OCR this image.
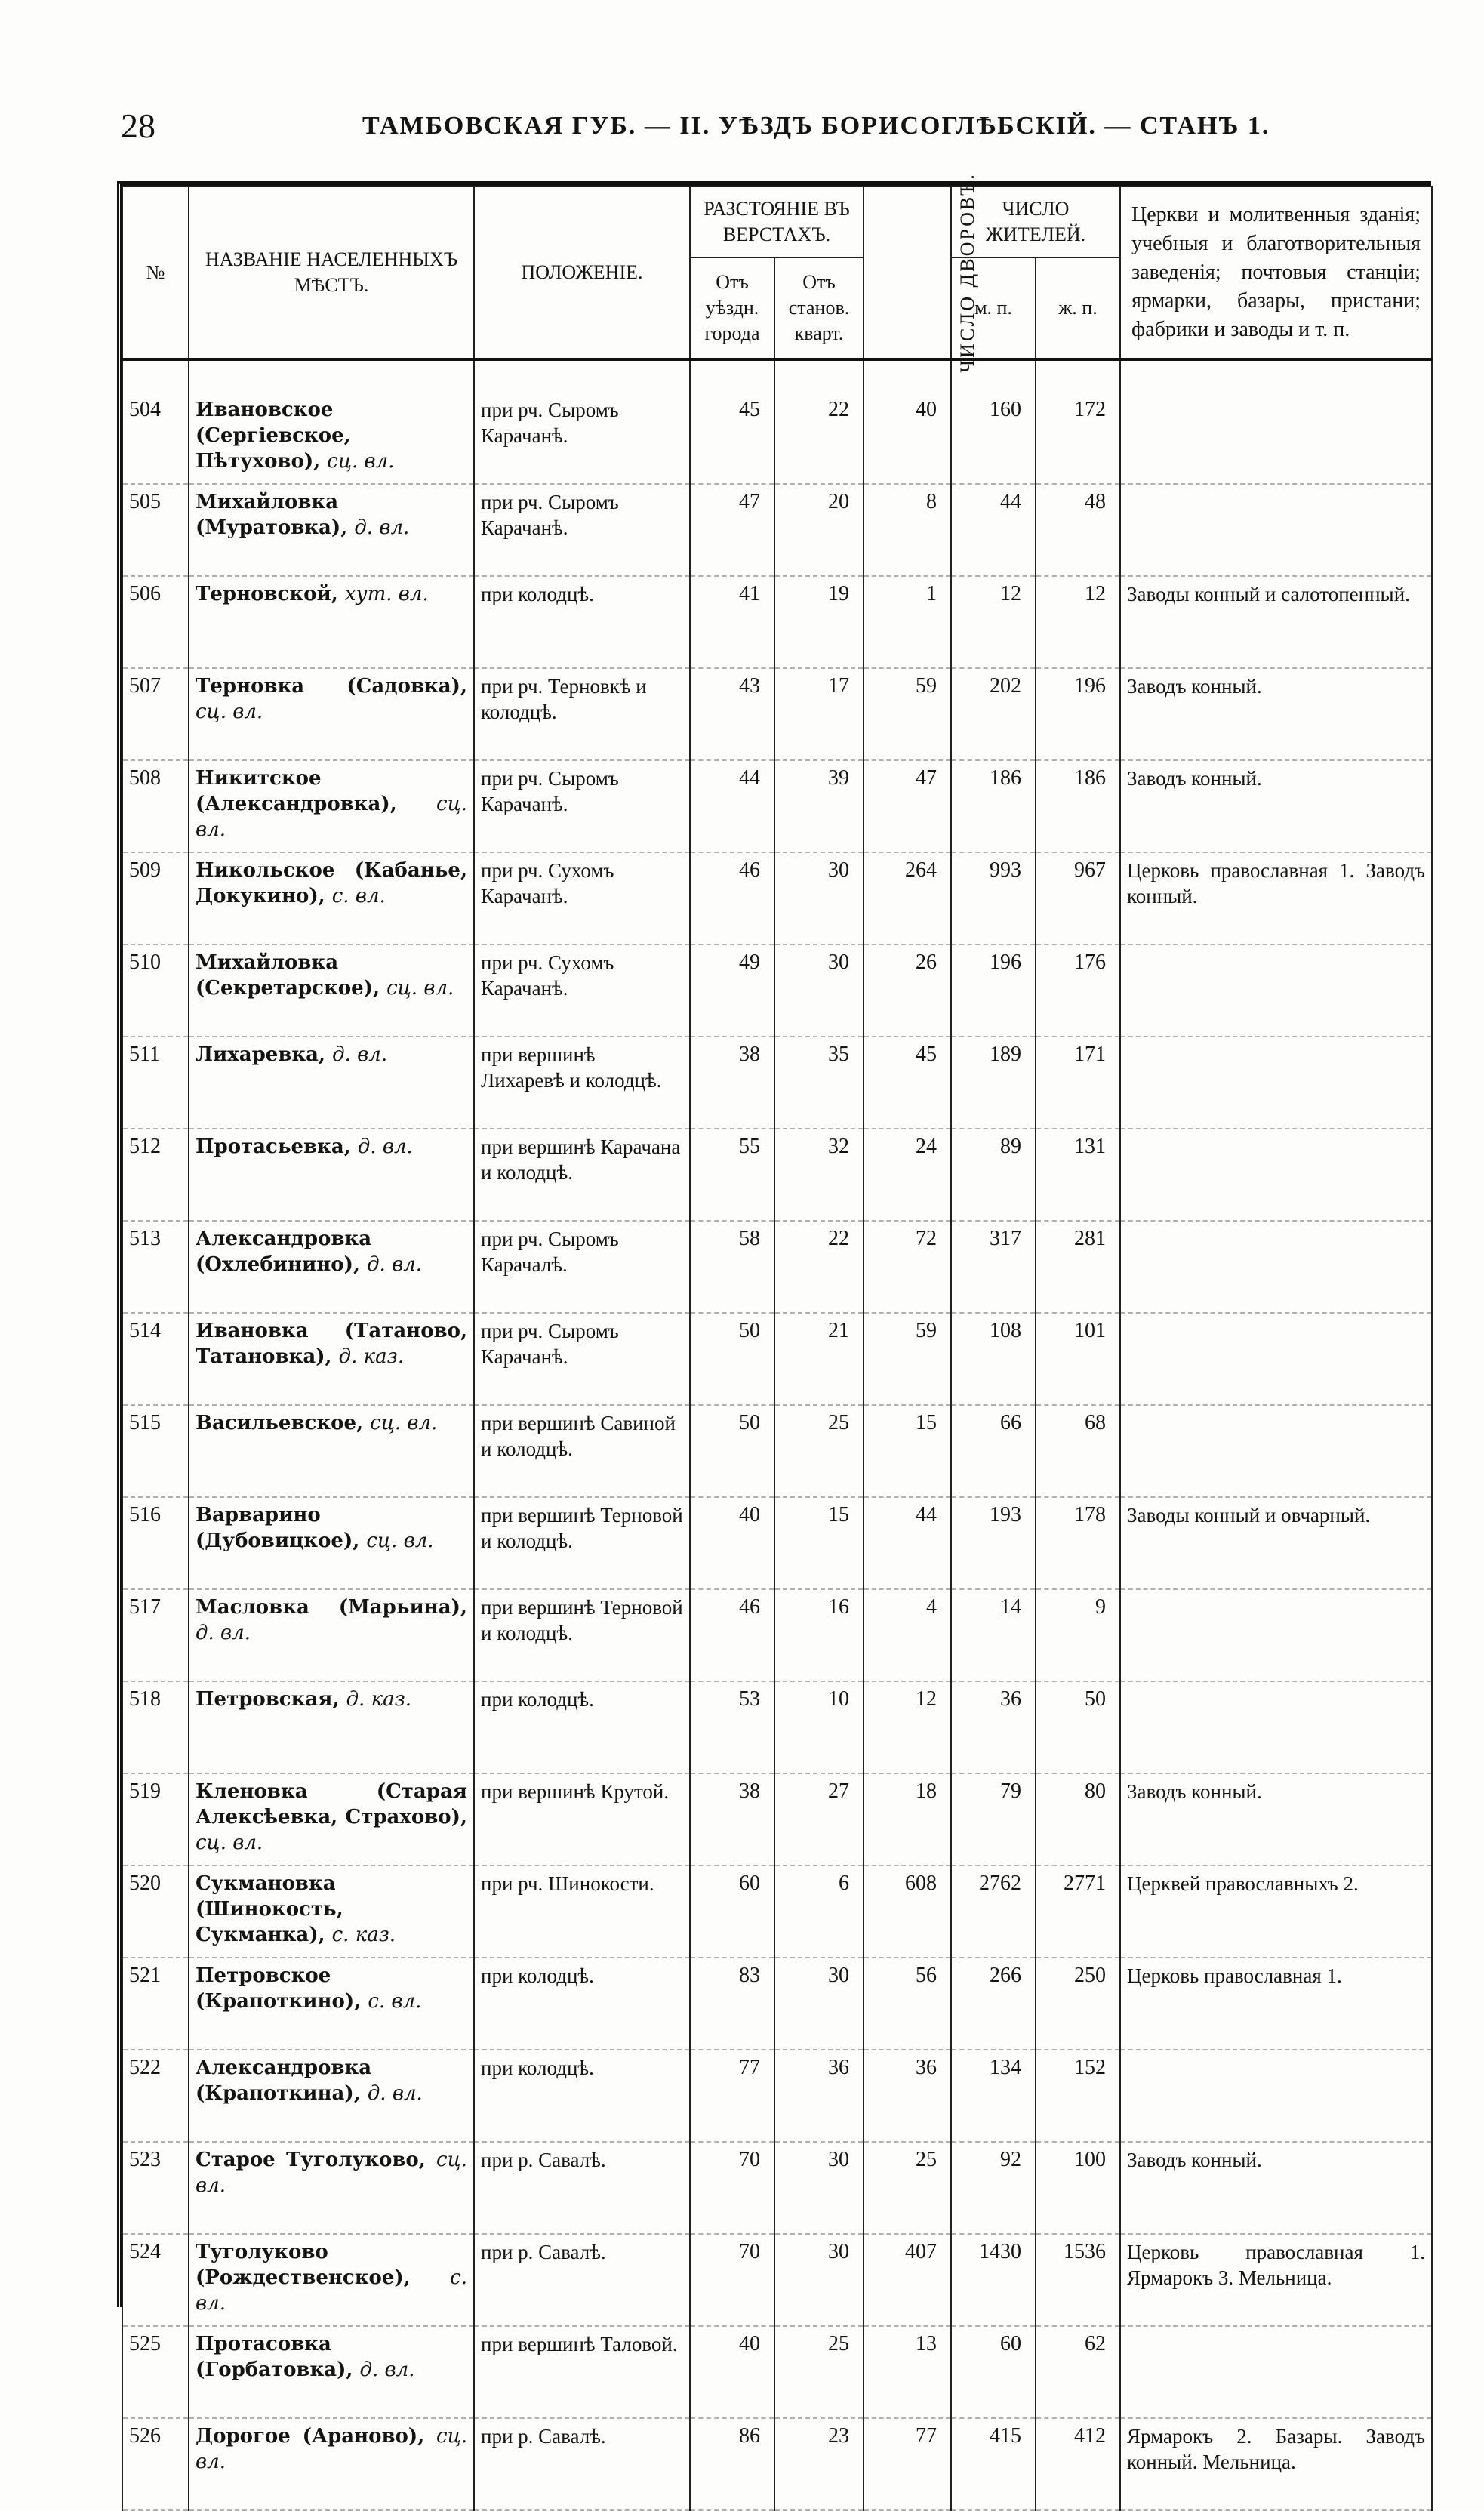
28	ТАМБОВСКАЯ ГУБ. — II. УѢЗДЪ БОРИСОГЛѢБСКІЙ. — СТАНЪ 1.
№	НАЗВАНІЕ НАСЕЛЕННЫХЪ МѢСТЪ.	ПОЛОЖЕНІЕ.	РАЗСТОЯНІЕ ВЪ ВЕРСТАХЪ.		ЧИСЛО ДВОРОВЪ.	ЧИСЛО ЖИТЕЛЕЙ.		Церкви и молитвенныя зданія; учебныя и благотворительныя заведенія; почтовыя станціи; ярмарки, базары, пристани; фабрики и заводы и т. п.
			Отъ уѣздн. города	Отъ станов. кварт.		м. п.	ж. п.	

504	Ивановское (Сергіевское, Пѣтухово), сц. вл.	при рч. Сыромъ Карачанѣ.	45	22	40	160	172	
505	Михайловка (Муратовка), д. вл.	при рч. Сыромъ Карачанѣ.	47	20	8	44	48	
506	Терновской, хут. вл.	при колодцѣ.	41	19	1	12	12	Заводы конный и салотопенный.
507	Терновка (Садовка), сц. вл.	при рч. Терновкѣ и колодцѣ.	43	17	59	202	196	Заводъ конный.
508	Никитское (Александровка), сц. вл.	при рч. Сыромъ Карачанѣ.	44	39	47	186	186	Заводъ конный.
509	Никольское (Кабанье, Докукино), с. вл.	при рч. Сухомъ Карачанѣ.	46	30	264	993	967	Церковь православная 1. Заводъ конный.
510	Михайловка (Секретарское), сц. вл.	при рч. Сухомъ Карачанѣ.	49	30	26	196	176	
511	Лихаревка, д. вл.	при вершинѣ Лихаревѣ и колодцѣ.	38	35	45	189	171	
512	Протасьевка, д. вл.	при вершинѣ Карачана и колодцѣ.	55	32	24	89	131	
513	Александровка (Охлебинино), д. вл.	при рч. Сыромъ Карачалѣ.	58	22	72	317	281	
514	Ивановка (Татаново, Татановка), д. каз.	при рч. Сыромъ Карачанѣ.	50	21	59	108	101	
515	Васильевское, сц. вл.	при вершинѣ Савиной и колодцѣ.	50	25	15	66	68	
516	Варварино (Дубовицкое), сц. вл.	при вершинѣ Терновой и колодцѣ.	40	15	44	193	178	Заводы конный и овчарный.
517	Масловка (Марьина), д. вл.	при вершинѣ Терновой и колодцѣ.	46	16	4	14	9	
518	Петровская, д. каз.	при колодцѣ.	53	10	12	36	50	
519	Кленовка (Старая Алексѣевка, Страхово), сц. вл.	при вершинѣ Крутой.	38	27	18	79	80	Заводъ конный.
520	Сукмановка (Шинокость, Сукманка), с. каз.	при рч. Шинокости.	60	6	608	2762	2771	Церквей православныхъ 2.
521	Петровское (Крапоткино), с. вл.	при колодцѣ.	83	30	56	266	250	Церковь православная 1.
522	Александровка (Крапоткина), д. вл.	при колодцѣ.	77	36	36	134	152	
523	Старое Туголуково, сц. вл.	при р. Савалѣ.	70	30	25	92	100	Заводъ конный.
524	Туголуково (Рождественское), с. вл.	при р. Савалѣ.	70	30	407	1430	1536	Церковь православная 1. Ярмарокъ 3. Мельница.
525	Протасовка (Горбатовка), д. вл.	при вершинѣ Таловой.	40	25	13	60	62	
526	Дорогое (Араново), сц. вл.	при р. Савалѣ.	86	23	77	415	412	Ярмарокъ 2. Базары. Заводъ конный. Мельница.
